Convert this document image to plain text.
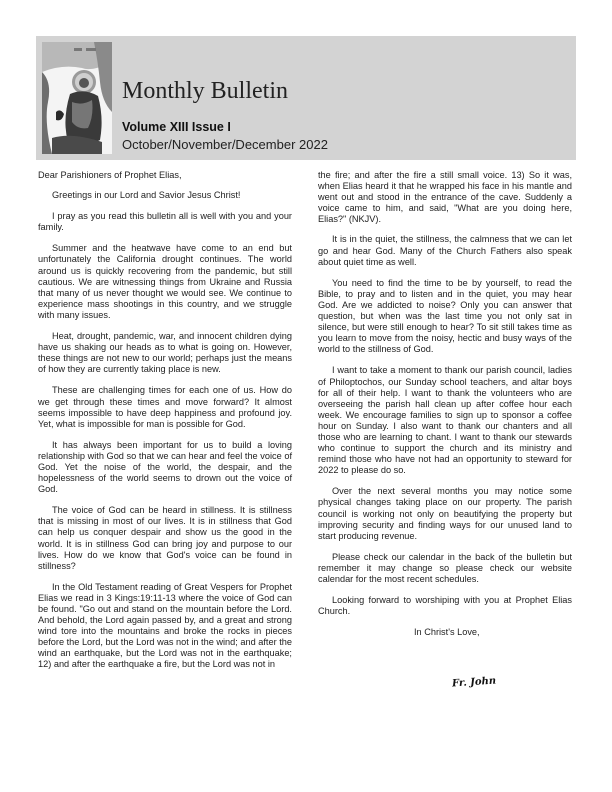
Monthly Bulletin
Volume XIII Issue I
October/November/December 2022

Dear Parishioners of Prophet Elias,

Greetings in our Lord and Savior Jesus Christ!

I pray as you read this bulletin all is well with you and your family.

Summer and the heatwave have come to an end but unfortunately the California drought continues. The world around us is quickly recovering from the pandemic, but still cautious. We are witnessing things from Ukraine and Russia that many of us never thought we would see. We continue to experience mass shootings in this country, and we struggle with many issues.

Heat, drought, pandemic, war, and innocent children dying have us shaking our heads as to what is going on. However, these things are not new to our world; perhaps just the means of how they are currently taking place is new.

These are challenging times for each one of us. How do we get through these times and move forward? It almost seems impossible to have deep happiness and profound joy. Yet, what is impossible for man is possible for God.

It has always been important for us to build a loving relationship with God so that we can hear and feel the voice of God. Yet the noise of the world, the despair, and the hopelessness of the world seems to drown out the voice of God.

The voice of God can be heard in stillness. It is stillness that is missing in most of our lives. It is in stillness that God can help us conquer despair and show us the good in the world. It is in stillness God can bring joy and purpose to our lives. How do we know that God's voice can be found in stillness?

In the Old Testament reading of Great Vespers for Prophet Elias we read in 3 Kings:19:11-13 where the voice of God can be found. "Go out and stand on the mountain before the Lord. And behold, the Lord again passed by, and a great and strong wind tore into the mountains and broke the rocks in pieces before the Lord, but the Lord was not in the wind; and after the wind an earthquake, but the Lord was not in the earthquake; 12) and after the earthquake a fire, but the Lord was not in

the fire; and after the fire a still small voice. 13) So it was, when Elias heard it that he wrapped his face in his mantle and went out and stood in the entrance of the cave. Suddenly a voice came to him, and said, "What are you doing here, Elias?" (NKJV).

It is in the quiet, the stillness, the calmness that we can let go and hear God. Many of the Church Fathers also speak about quiet time as well.

You need to find the time to be by yourself, to read the Bible, to pray and to listen and in the quiet, you may hear God. Are we addicted to noise? Only you can answer that question, but when was the last time you not only sat in silence, but were still enough to hear? To sit still takes time as you learn to move from the noisy, hectic and busy ways of the world to the stillness of God.

I want to take a moment to thank our parish council, ladies of Philoptochos, our Sunday school teachers, and altar boys for all of their help. I want to thank the volunteers who are overseeing the parish hall clean up after coffee hour each week. We encourage families to sign up to sponsor a coffee hour on Sunday. I also want to thank our chanters and all those who are learning to chant. I want to thank our stewards who continue to support the church and its ministry and remind those who have not had an opportunity to steward for 2022 to please do so.

Over the next several months you may notice some physical changes taking place on our property. The parish council is working not only on beautifying the property but improving security and finding ways for our unused land to start producing revenue.

Please check our calendar in the back of the bulletin but remember it may change so please check our website calendar for the most recent schedules.

Looking forward to worshiping with you at Prophet Elias Church.

In Christ's Love,

Fr. John
